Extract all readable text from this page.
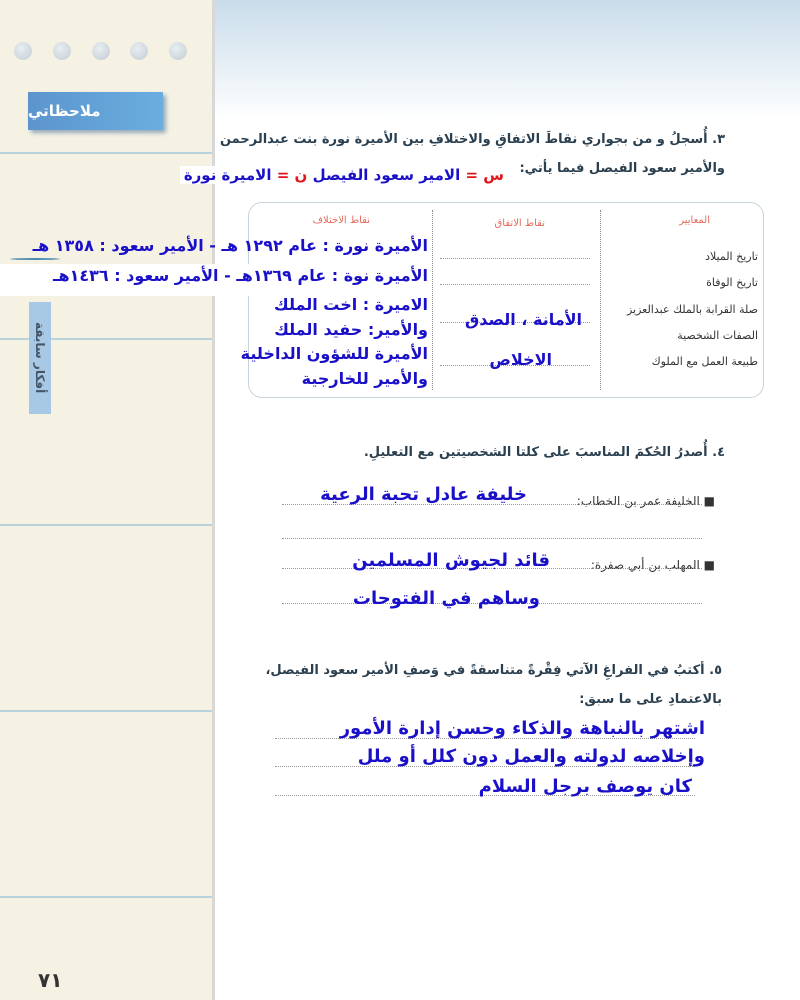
ملاحظاتي
أفكار سابقة
٧١
٣. أُسجلُ و من بجواري نقاطَ الاتفاقِ والاختلافِ بين الأميرة نورة بنت عبدالرحمن
والأمير سعود الفيصل فيما يأتي:
س = الامير سعود الفيصل ن = الاميرة نورة
المعايير
نقاط الاتفاق
نقاط الاختلاف
تاريخ الميلاد
تاريخ الوفاة
صلة القرابة بالملك عبدالعزيز
الصفات الشخصية
طبيعة العمل مع الملوك
الأمانة ، الصدق
الاخلاص
الأميرة نورة : عام ١٢٩٢ هـ - الأمير سعود : ١٣٥٨ هـ
الأميرة نوة : عام ١٣٦٩هـ - الأمير سعود : ١٤٣٦هـ
الاميرة : اخت الملك
والأمير: حفيد الملك
الأميرة للشؤون الداخلية
والأمير للخارجية
٤. أُصدرُ الحُكمَ المناسبَ على كلتا الشخصيتين مع التعليلِ.
■ الخليفة عمر بن الخطاب:
خليفة عادل تحبة الرعية
■ المهلب بن أبي صفرة:
قائد لجيوش المسلمين
وساهم في الفتوحات
٥. أكتبُ في الفراغِ الآتي فِقْرةً متناسقةً في وَصفِ الأمير سعود الفيصل،
بالاعتمادِ على ما سبق:
اشتهر بالنباهة والذكاء وحسن إدارة الأمور
وإخلاصه لدولته والعمل دون كلل أو ملل
كان يوصف برجل السلام
